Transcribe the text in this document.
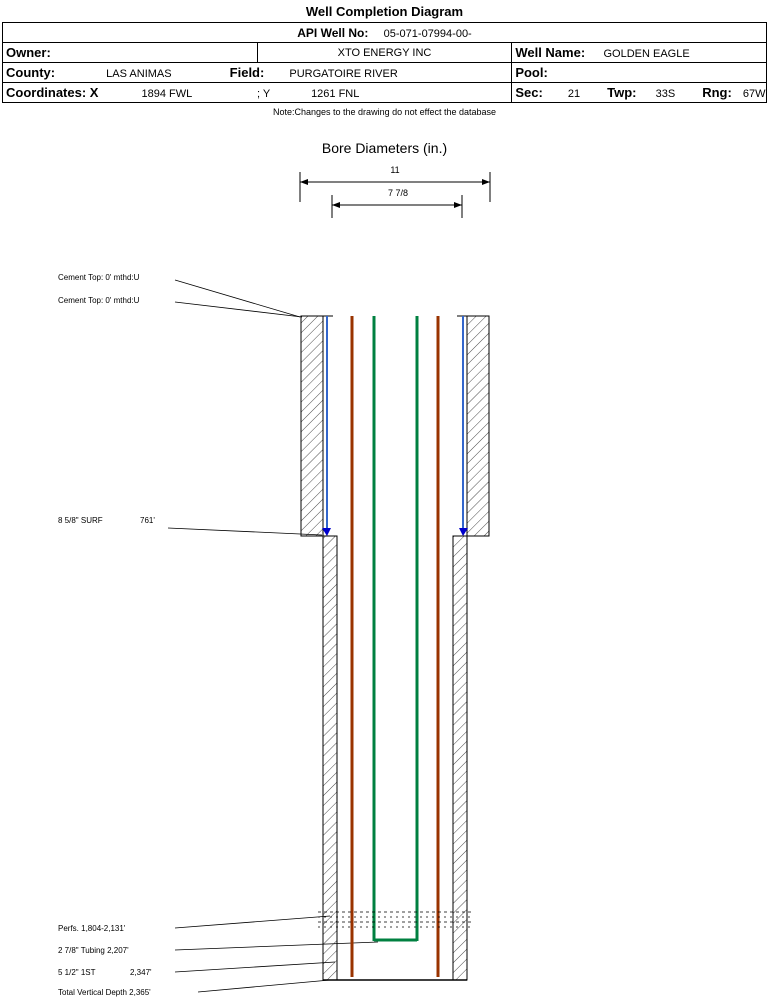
Well Completion Diagram
API Well No: 05-071-07994-00-		
Owner:	XTO ENERGY INC	Well Name: GOLDEN EAGLE
County: LAS ANIMAS Field: PURGATOIRE RIVER		Pool:
Coordinates: X 1894 FWL ; Y 1261 FNL		Sec: 21 Twp: 33S Rng: 67W
Note:Changes to the drawing do not effect the database
Bore Diameters (in.)
11
7 7/8
Cement Top: 0' mthd:U
Cement Top: 0' mthd:U
8 5/8" SURF	761'
Perfs. 1,804-2,131'
2 7/8" Tubing 2,207'
5 1/2" 1ST	2,347'
Total Vertical Depth 2,365'
